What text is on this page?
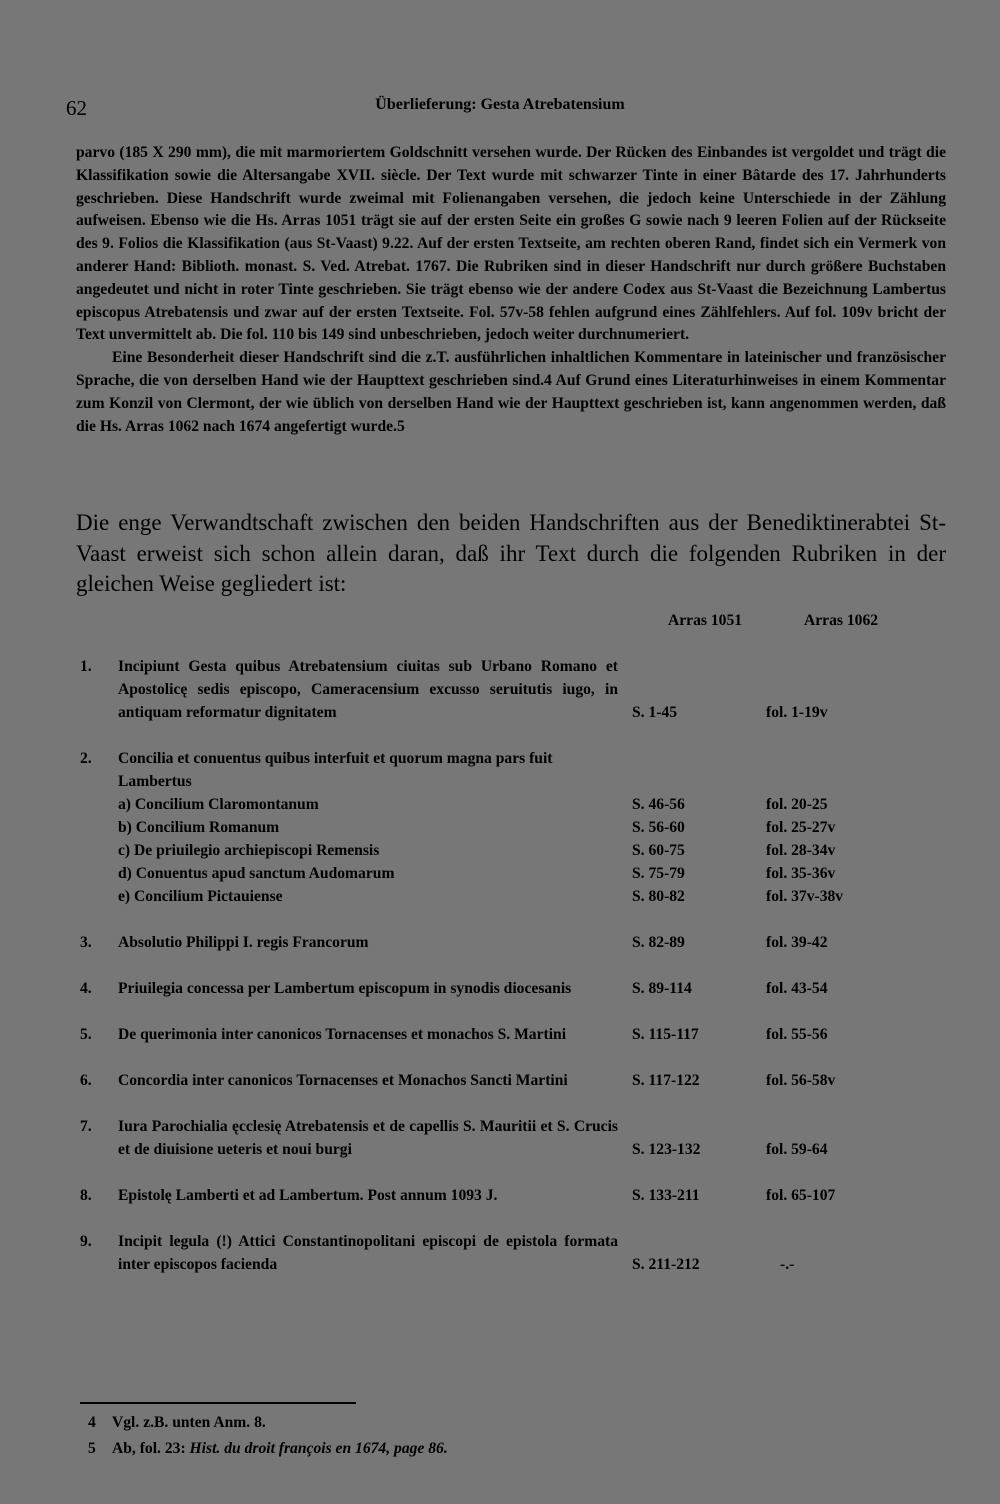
62	Überlieferung: Gesta Atrebatensium

parvo (185 X 290 mm), die mit marmoriertem Goldschnitt versehen wurde. Der Rücken des Einbandes ist vergoldet und trägt die Klassifikation sowie die Altersangabe XVII. siècle. Der Text wurde mit schwarzer Tinte in einer Bâtarde des 17. Jahrhunderts geschrieben. Diese Handschrift wurde zweimal mit Folienangaben versehen, die jedoch keine Unterschiede in der Zählung aufweisen. Ebenso wie die Hs. Arras 1051 trägt sie auf der ersten Seite ein großes G sowie nach 9 leeren Folien auf der Rückseite des 9. Folios die Klassifikation (aus St-Vaast) 9.22. Auf der ersten Textseite, am rechten oberen Rand, findet sich ein Vermerk von anderer Hand: Biblioth. monast. S. Ved. Atrebat. 1767. Die Rubriken sind in dieser Handschrift nur durch größere Buchstaben angedeutet und nicht in roter Tinte geschrieben. Sie trägt ebenso wie der andere Codex aus St-Vaast die Bezeichnung Lambertus episcopus Atrebatensis und zwar auf der ersten Textseite. Fol. 57v-58 fehlen aufgrund eines Zählfehlers. Auf fol. 109v bricht der Text unvermittelt ab. Die fol. 110 bis 149 sind unbeschrieben, jedoch weiter durchnumeriert.

Eine Besonderheit dieser Handschrift sind die z.T. ausführlichen inhaltlichen Kommentare in lateinischer und französischer Sprache, die von derselben Hand wie der Haupttext geschrieben sind.4 Auf Grund eines Literaturhinweises in einem Kommentar zum Konzil von Clermont, der wie üblich von derselben Hand wie der Haupttext geschrieben ist, kann angenommen werden, daß die Hs. Arras 1062 nach 1674 angefertigt wurde.5

Die enge Verwandtschaft zwischen den beiden Handschriften aus der Benediktinerabtei St-Vaast erweist sich schon allein daran, daß ihr Text durch die folgenden Rubriken in der gleichen Weise gegliedert ist:
Arras 1051	Arras 1062
1.	Incipiunt Gesta quibus Atrebatensium ciuitas sub Urbano Romano et Apostolicę sedis episcopo, Cameracensium excusso seruitutis iugo, in antiquam reformatur dignitatem	S. 1-45	fol. 1-19v
2.	Concilia et conuentus quibus interfuit et quorum magna pars fuit Lambertus
a) Concilium Claromontanum	S. 46-56	fol. 20-25
b) Concilium Romanum	S. 56-60	fol. 25-27v
c) De priuilegio archiepiscopi Remensis	S. 60-75	fol. 28-34v
d) Conuentus apud sanctum Audomarum	S. 75-79	fol. 35-36v
e) Concilium Pictauiense	S. 80-82	fol. 37v-38v
3.	Absolutio Philippi I. regis Francorum	S. 82-89	fol. 39-42
4.	Priuilegia concessa per Lambertum episcopum in synodis diocesanis	S. 89-114	fol. 43-54
5.	De querimonia inter canonicos Tornacenses et monachos S. Martini	S. 115-117	fol. 55-56
6.	Concordia inter canonicos Tornacenses et Monachos Sancti Martini	S. 117-122	fol. 56-58v
7.	Iura Parochialia ęcclesię Atrebatensis et de capellis S. Mauritii et S. Crucis et de diuisione ueteris et noui burgi	S. 123-132	fol. 59-64
8.	Epistolę Lamberti et ad Lambertum. Post annum 1093 J.	S. 133-211	fol. 65-107
9.	Incipit legula (!) Attici Constantinopolitani episcopi de epistola formata inter episcopos facienda	S. 211-212	-.-
4 Vgl. z.B. unten Anm. 8.
5 Ab, fol. 23: Hist. du droit françois en 1674, page 86.
